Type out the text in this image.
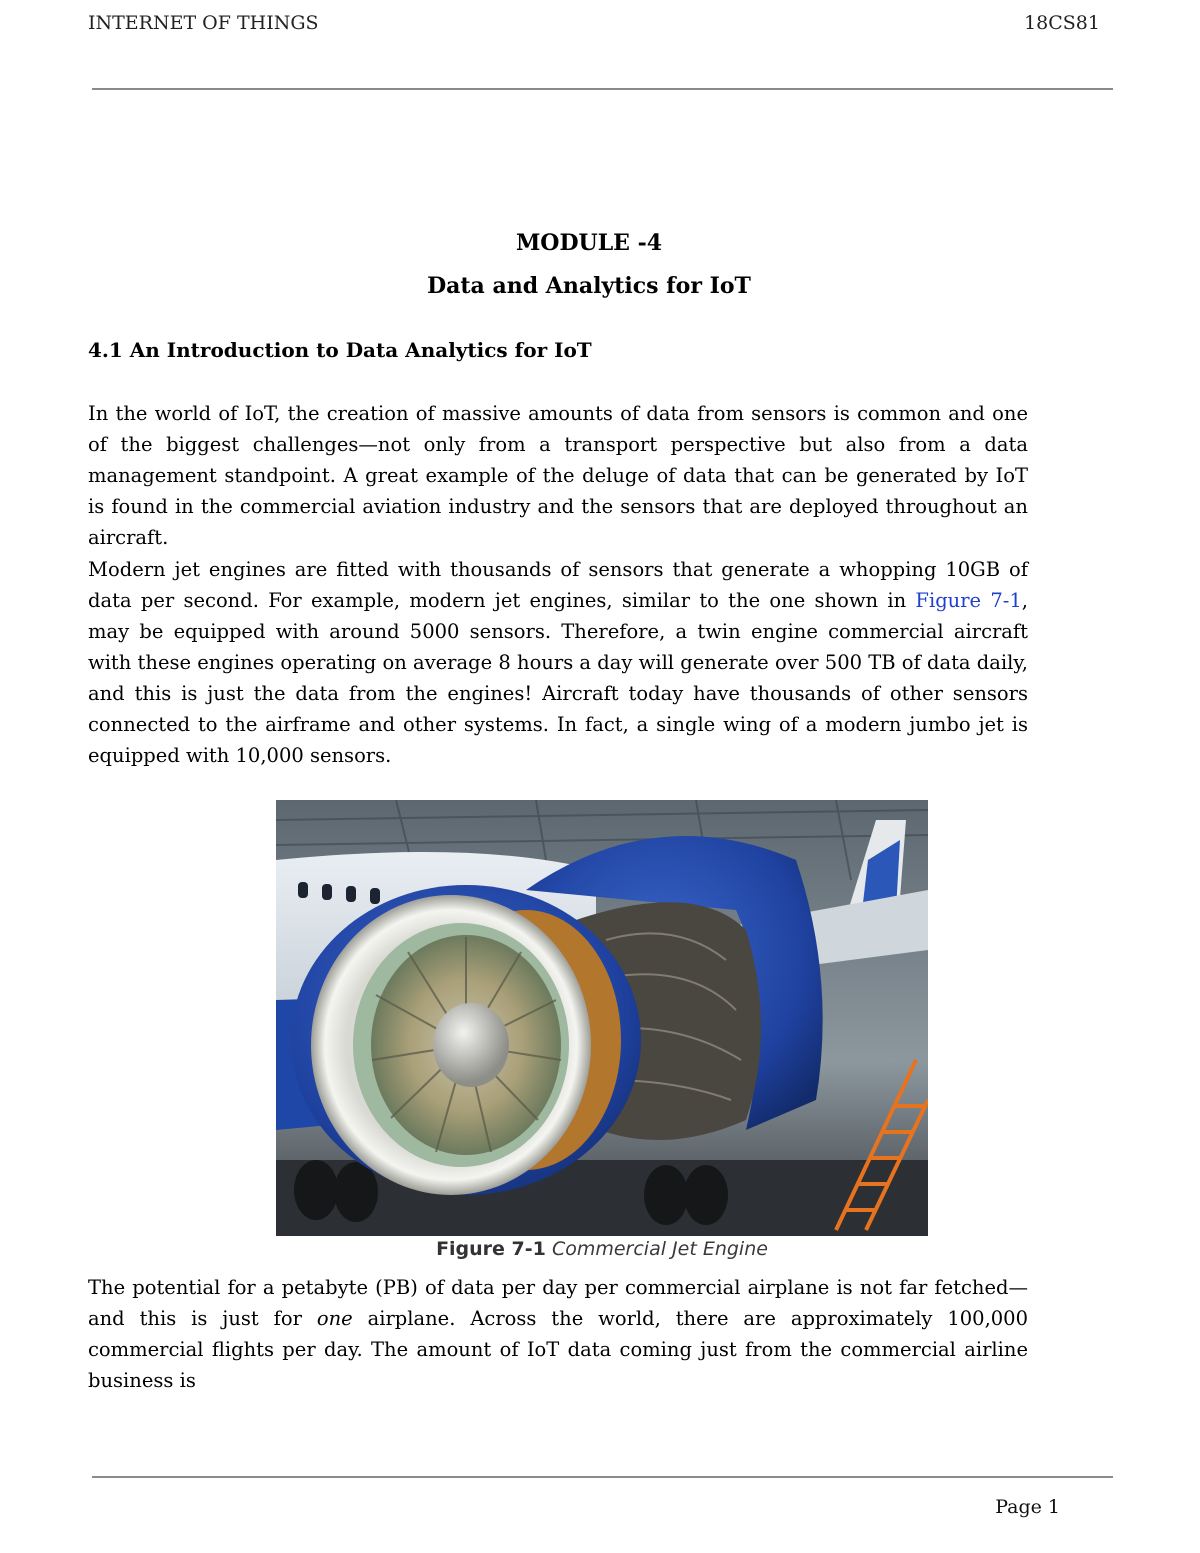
INTERNET OF THINGS	18CS81
MODULE -4
Data and Analytics for IoT
4.1 An Introduction to Data Analytics for IoT

In the world of IoT, the creation of massive amounts of data from sensors is common and one of the biggest challenges—not only from a transport perspective but also from a data management standpoint. A great example of the deluge of data that can be generated by IoT is found in the commercial aviation industry and the sensors that are deployed throughout an aircraft.

Modern jet engines are fitted with thousands of sensors that generate a whopping 10GB of data per second. For example, modern jet engines, similar to the one shown in Figure 7-1, may be equipped with around 5000 sensors. Therefore, a twin engine commercial aircraft with these engines operating on average 8 hours a day will generate over 500 TB of data daily, and this is just the data from the engines! Aircraft today have thousands of other sensors connected to the airframe and other systems. In fact, a single wing of a modern jumbo jet is equipped with 10,000 sensors.

Figure 7-1 Commercial Jet Engine

The potential for a petabyte (PB) of data per day per commercial airplane is not far fetched— and this is just for one airplane. Across the world, there are approximately 100,000 commercial flights per day. The amount of IoT data coming just from the commercial airline business is

Page 1
